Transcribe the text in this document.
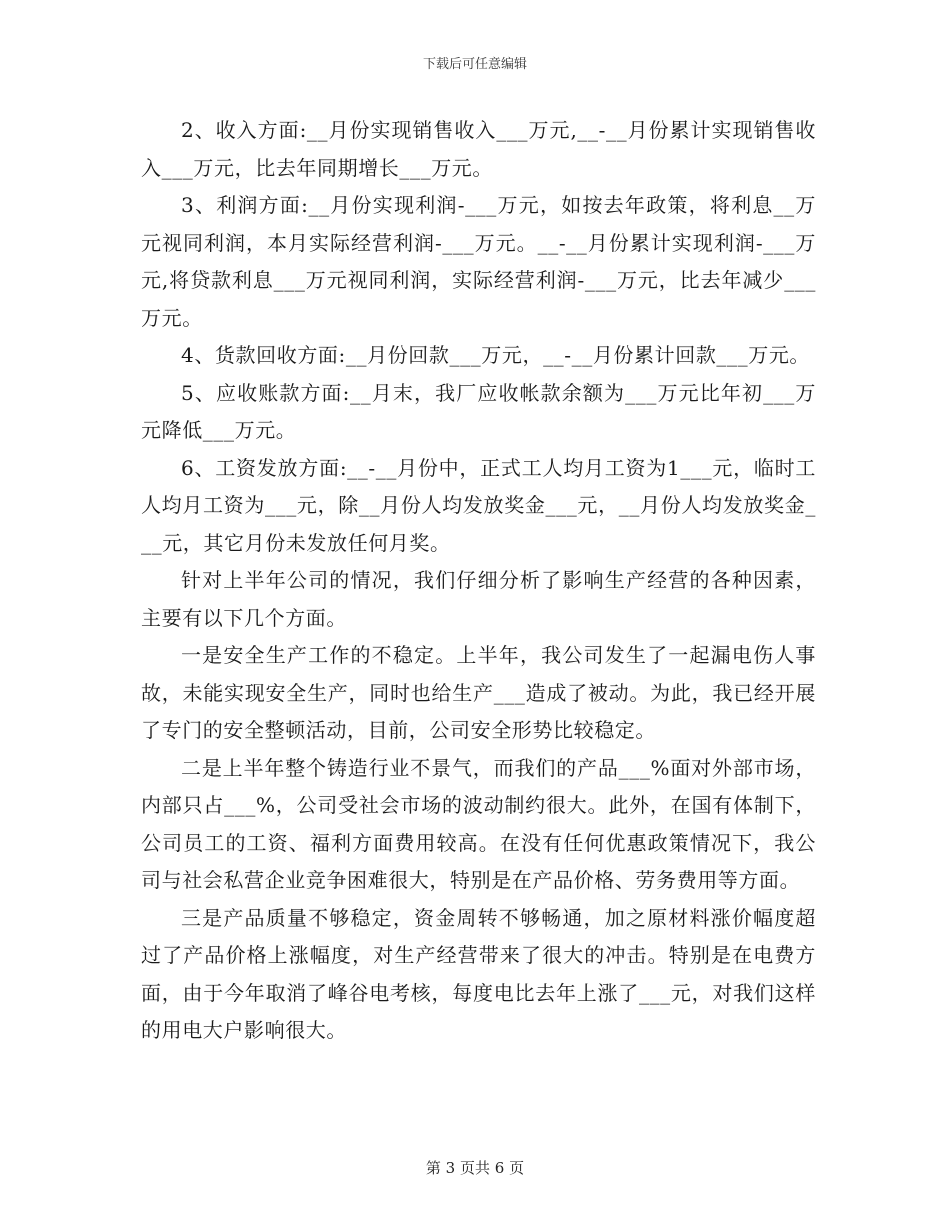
下载后可任意编辑

2、收入方面:__月份实现销售收入___万元,__-__月份累计实现销售收入___万元，比去年同期增长___万元。

3、利润方面:__月份实现利润-___万元，如按去年政策，将利息__万元视同利润，本月实际经营利润-___万元。__-__月份累计实现利润-___万元,将贷款利息___万元视同利润，实际经营利润-___万元，比去年减少___万元。

4、货款回收方面:__月份回款___万元，__-__月份累计回款___万元。

5、应收账款方面:__月末，我厂应收帐款余额为___万元比年初___万元降低___万元。

6、工资发放方面:__-__月份中，正式工人均月工资为1___元，临时工人均月工资为___元，除__月份人均发放奖金___元，__月份人均发放奖金___元，其它月份未发放任何月奖。

针对上半年公司的情况，我们仔细分析了影响生产经营的各种因素，主要有以下几个方面。

一是安全生产工作的不稳定。上半年，我公司发生了一起漏电伤人事故，未能实现安全生产，同时也给生产___造成了被动。为此，我已经开展了专门的安全整顿活动，目前，公司安全形势比较稳定。

二是上半年整个铸造行业不景气，而我们的产品___%面对外部市场，内部只占___%，公司受社会市场的波动制约很大。此外，在国有体制下，公司员工的工资、福利方面费用较高。在没有任何优惠政策情况下，我公司与社会私营企业竞争困难很大，特别是在产品价格、劳务费用等方面。

三是产品质量不够稳定，资金周转不够畅通，加之原材料涨价幅度超过了产品价格上涨幅度，对生产经营带来了很大的冲击。特别是在电费方面，由于今年取消了峰谷电考核，每度电比去年上涨了___元，对我们这样的用电大户影响很大。

第 3 页共 6 页
